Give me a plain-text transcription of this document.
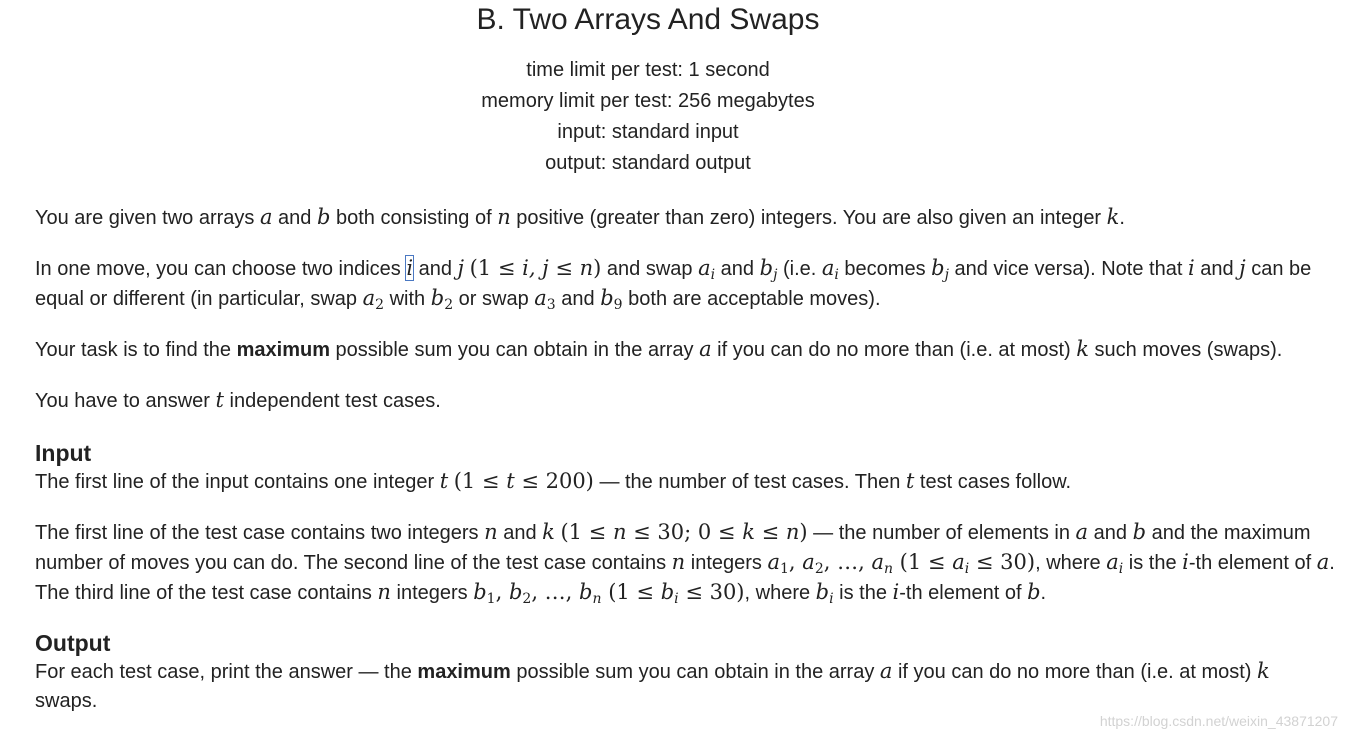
B. Two Arrays And Swaps
time limit per test: 1 second
memory limit per test: 256 megabytes
input: standard input
output: standard output

You are given two arrays a and b both consisting of n positive (greater than zero) integers. You are also given an integer k.

In one move, you can choose two indices i and j (1 ≤ i, j ≤ n) and swap $a_i$ and $b_j$ (i.e. $a_i$ becomes $b_j$ and vice versa). Note that i and j can be equal or different (in particular, swap $a_2$ with $b_2$ or swap $a_3$ and $b_9$ both are acceptable moves).

Your task is to find the maximum possible sum you can obtain in the array a if you can do no more than (i.e. at most) k such moves (swaps).

You have to answer t independent test cases.

Input

The first line of the input contains one integer t (1 ≤ t ≤ 200) — the number of test cases. Then t test cases follow.

The first line of the test case contains two integers n and k (1 ≤ n ≤ 30; 0 ≤ k ≤ n) — the number of elements in a and b and the maximum number of moves you can do. The second line of the test case contains n integers $a_1$, $a_2$, …, $a_n$ $(1 \le a_i \le 30)$, where $a_i$ is the i-th element of a. The third line of the test case contains n integers $b_1$, $b_2$, …, $b_n$ $(1 \le b_i \le 30)$, where $b_i$ is the i-th element of b.

Output

For each test case, print the answer — the maximum possible sum you can obtain in the array a if you can do no more than (i.e. at most) k swaps.

https://blog.csdn.net/weixin_43871207
